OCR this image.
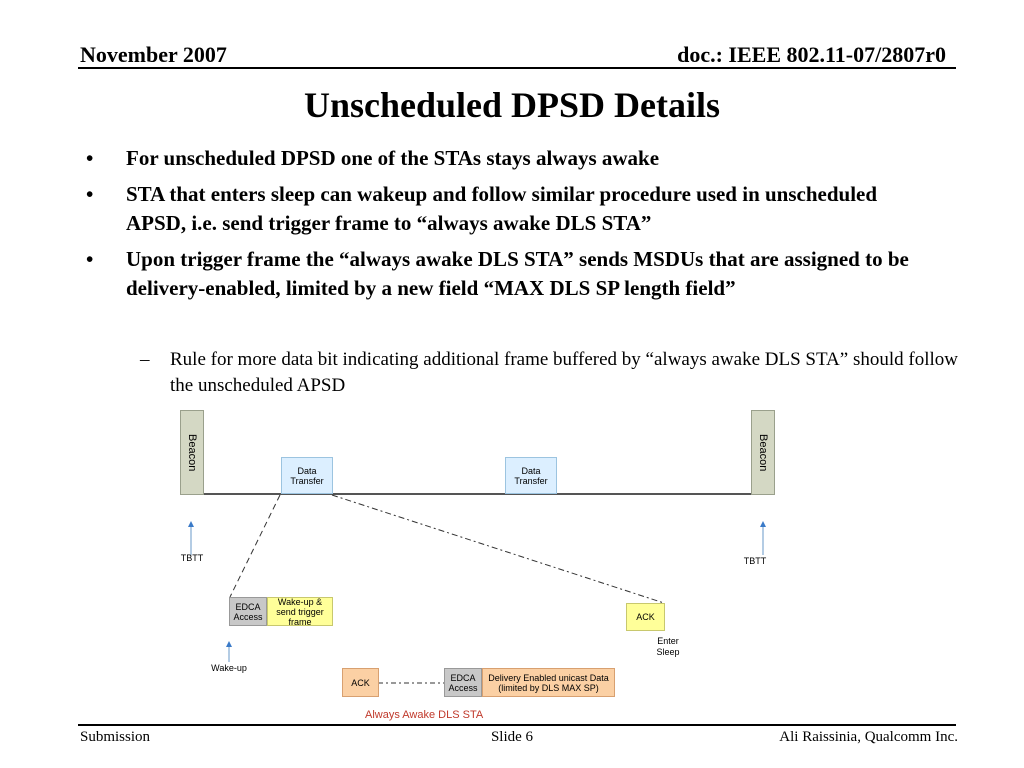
November 2007	doc.: IEEE 802.11-07/2807r0
Unscheduled DPSD Details
• For unscheduled DPSD one of the STAs stays always awake
• STA that enters sleep can wakeup and follow similar procedure used in unscheduled APSD, i.e. send trigger frame to “always awake DLS STA”
• Upon trigger frame the “always awake DLS STA” sends MSDUs that are assigned to be delivery-enabled, limited by a new field “MAX DLS SP length field”
– Rule for more data bit indicating additional frame buffered by “always awake DLS STA” should follow the unscheduled APSD
Beacon	Beacon
Data Transfer
Data Transfer
TBTT	TBTT
EDCA Access
Wake-up & send trigger frame	ACK
Enter Sleep
Wake-up
ACK	EDCA Access
Delivery Enabled unicast Data (limited by DLS MAX SP)
Always Awake DLS STA
Submission	Slide 6	Ali Raissinia, Qualcomm Inc.
